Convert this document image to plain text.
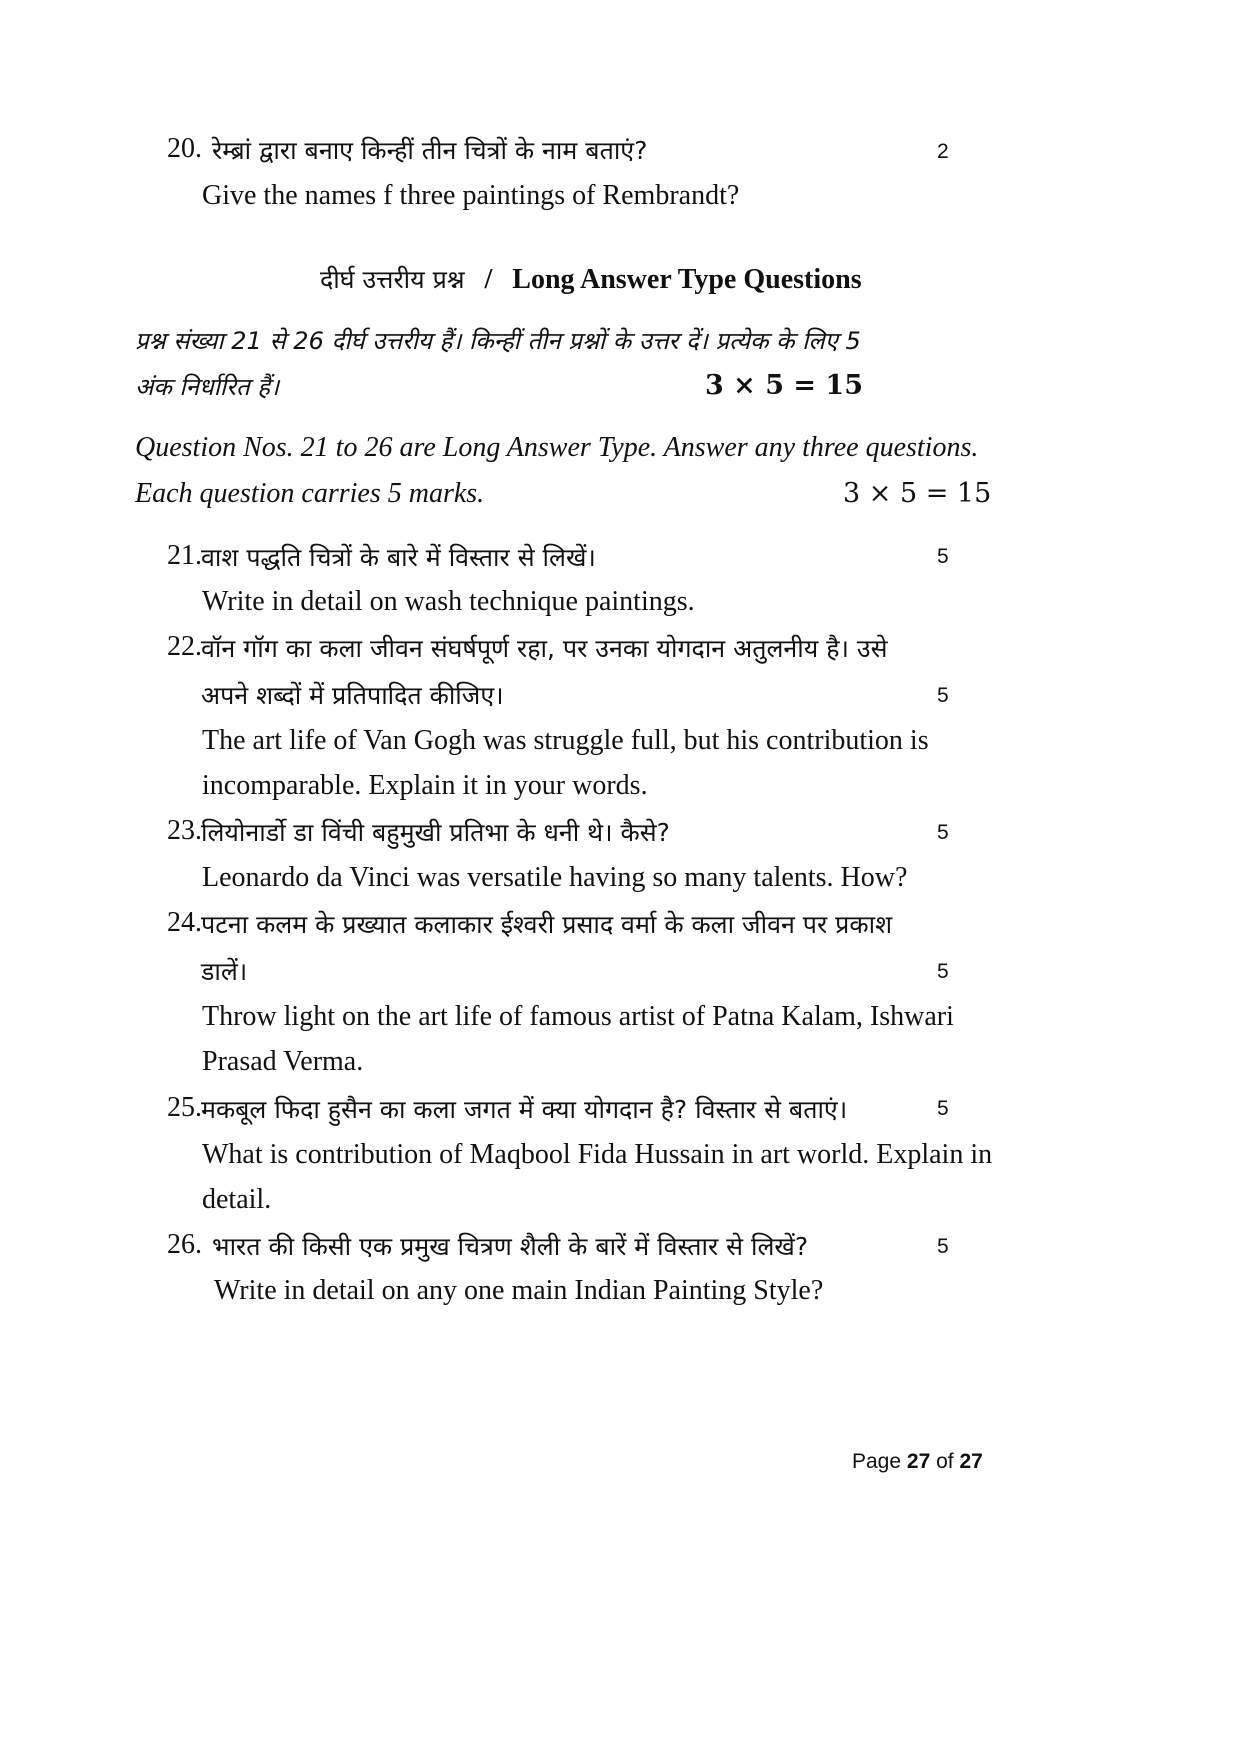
20. रेम्ब्रां द्वारा बनाए किन्हीं तीन चित्रों के नाम बताएं?	2
Give the names f three paintings of Rembrandt?
दीर्घ उत्तरीय प्रश्न / Long Answer Type Questions
प्रश्न संख्या 21 से 26 दीर्घ उत्तरीय हैं। किन्हीं तीन प्रश्नों के उत्तर दें। प्रत्येक के लिए 5
अंक निर्धारित हैं।	3 × 5 = 15
Question Nos. 21 to 26 are Long Answer Type. Answer any three questions.
Each question carries 5 marks.	3 × 5 = 15
21. वाश पद्धति चित्रों के बारे में विस्तार से लिखें।	5
Write in detail on wash technique paintings.
22. वॉन गॉग का कला जीवन संघर्षपूर्ण रहा, पर उनका योगदान अतुलनीय है। उसे
अपने शब्दों में प्रतिपादित कीजिए।	5
The art life of Van Gogh was struggle full, but his contribution is
incomparable. Explain it in your words.
23. लियोनार्डो डा विंची बहुमुखी प्रतिभा के धनी थे। कैसे?	5
Leonardo da Vinci was versatile having so many talents. How?
24. पटना कलम के प्रख्यात कलाकार ईश्वरी प्रसाद वर्मा के कला जीवन पर प्रकाश
डालें।	5
Throw light on the art life of famous artist of Patna Kalam, Ishwari
Prasad Verma.
25. मकबूल फिदा हुसैन का कला जगत में क्या योगदान है? विस्तार से बताएं।	5
What is contribution of Maqbool Fida Hussain in art world. Explain in
detail.
26. भारत की किसी एक प्रमुख चित्रण शैली के बारें में विस्तार से लिखें?	5
Write in detail on any one main Indian Painting Style?
Page 27 of 27
